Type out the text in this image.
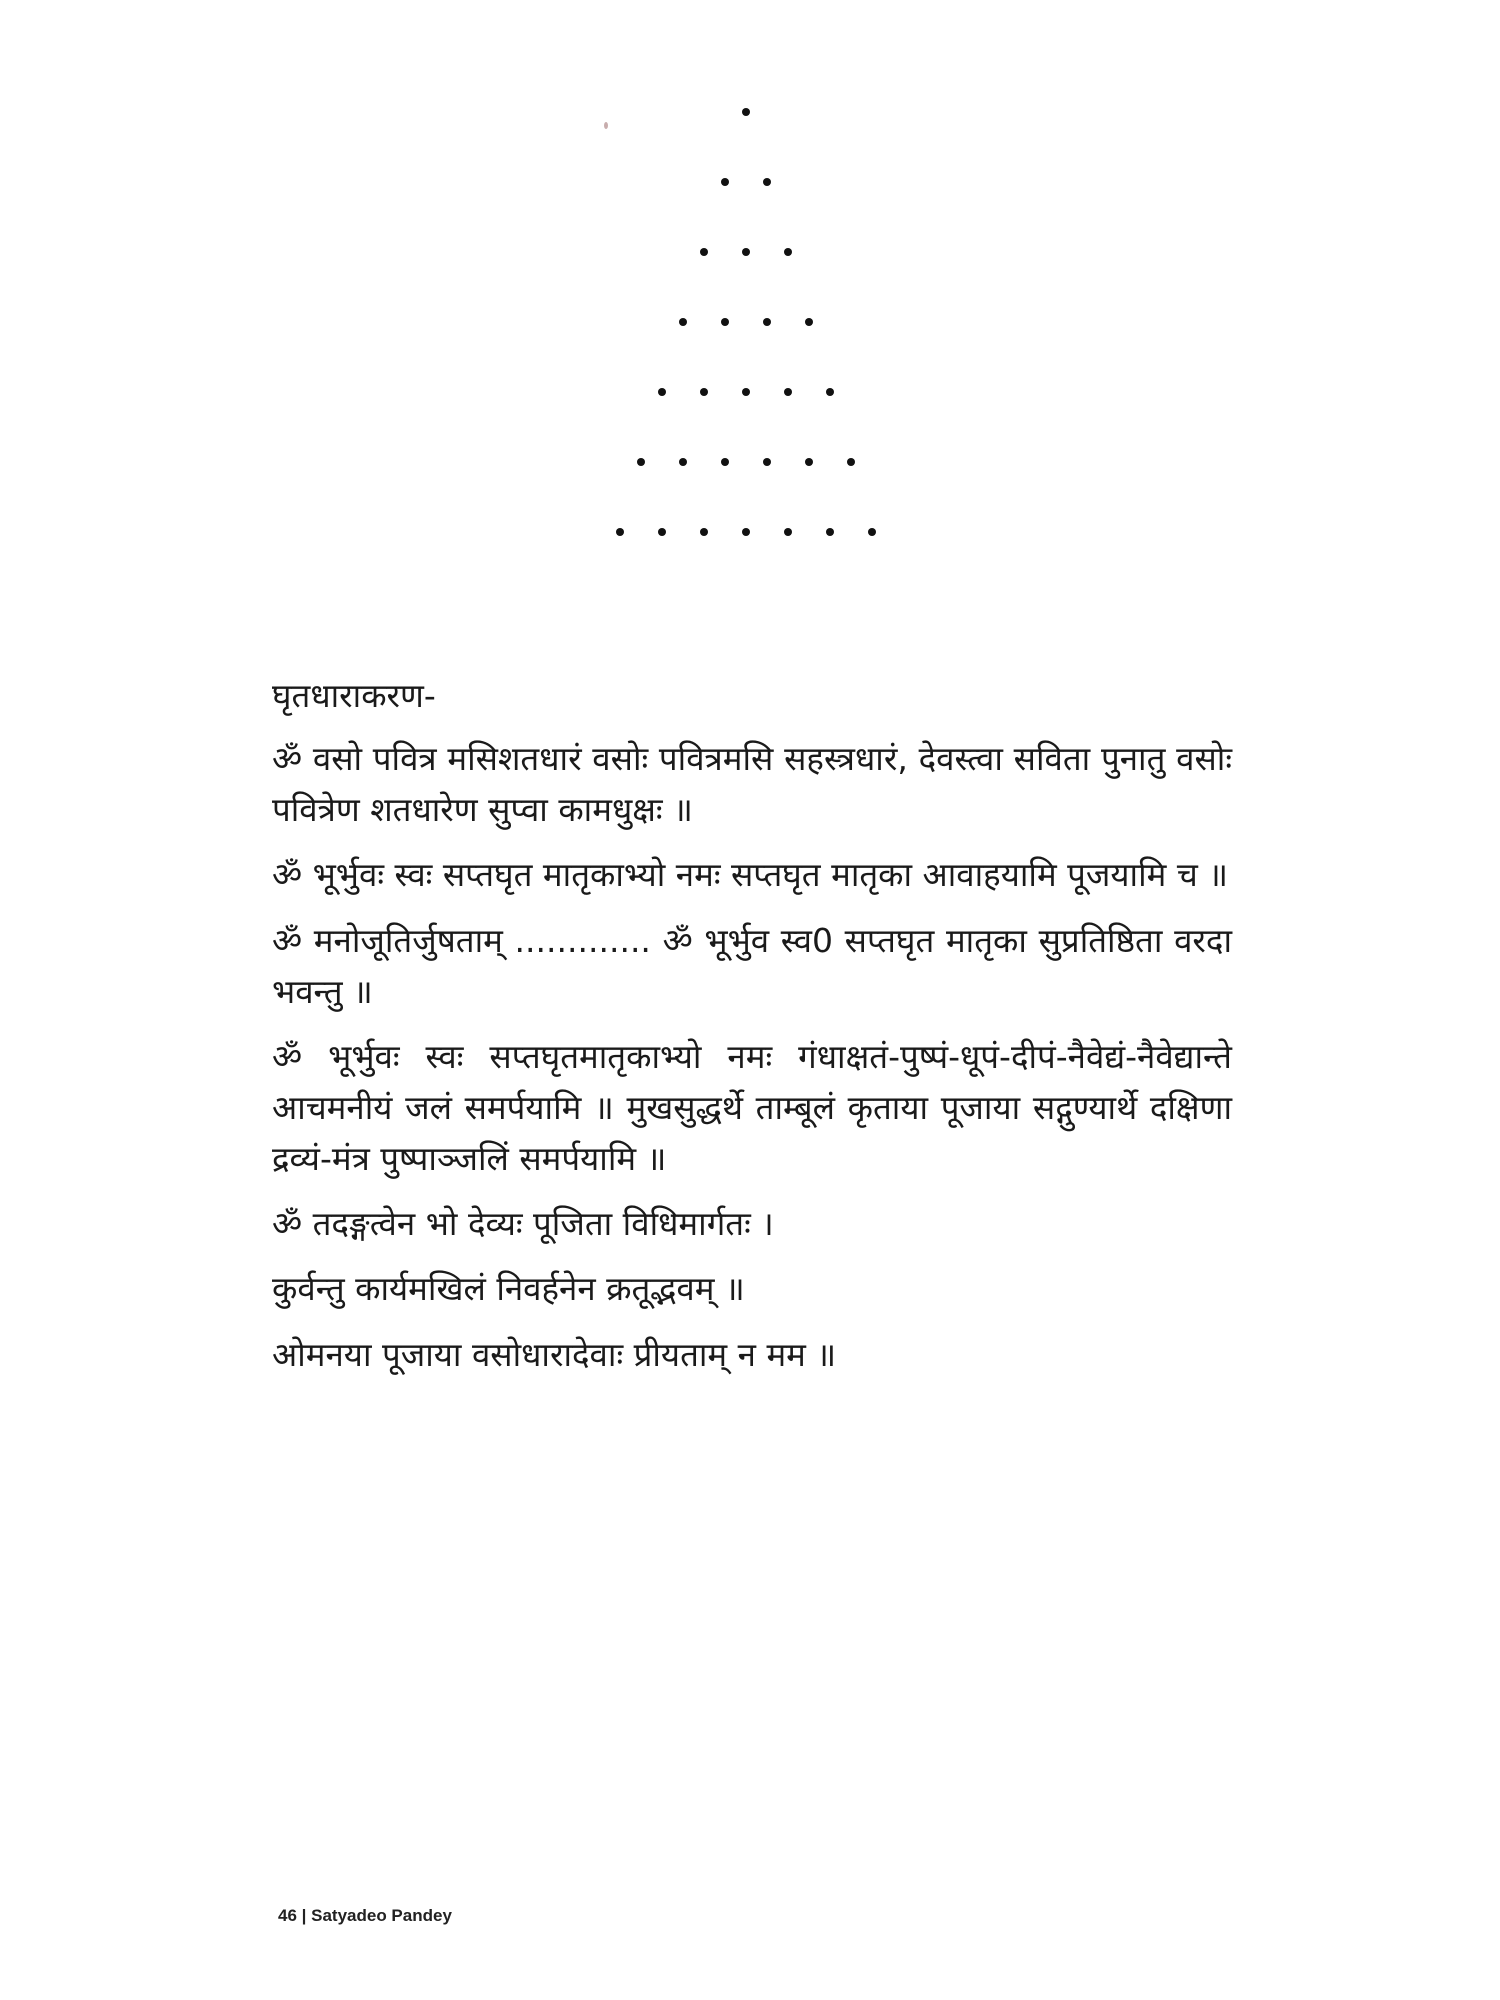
घृतधाराकरण-
ॐ वसो पवित्र मसिशतधारं वसोः पवित्रमसि सहस्त्रधारं, देवस्त्वा सविता पुनातु वसोः पवित्रेण शतधारेण सुप्वा कामधुक्षः ॥
ॐ भूर्भुवः स्वः सप्तघृत मातृकाभ्यो नमः सप्तघृत मातृका आवाहयामि पूजयामि च ॥
ॐ मनोजूतिर्जुषताम् ............. ॐ भूर्भुव स्व0 सप्तघृत मातृका सुप्रतिष्ठिता वरदा भवन्तु ॥
ॐ भूर्भुवः स्वः सप्तघृतमातृकाभ्यो नमः गंधाक्षतं-पुष्पं-धूपं-दीपं-नैवेद्यं-नैवेद्यान्ते आचमनीयं जलं समर्पयामि ॥ मुखसुद्धर्थे ताम्बूलं कृताया पूजाया सद्गुण्यार्थे दक्षिणा द्रव्यं-मंत्र पुष्पाञ्जलिं समर्पयामि ॥
ॐ तदङ्गत्वेन भो देव्यः पूजिता विधिमार्गतः ।
कुर्वन्तु कार्यमखिलं निवर्हनेन क्रतूद्भवम् ॥
ओमनया पूजाया वसोधारादेवाः प्रीयताम् न मम ॥
46 | Satyadeo Pandey
